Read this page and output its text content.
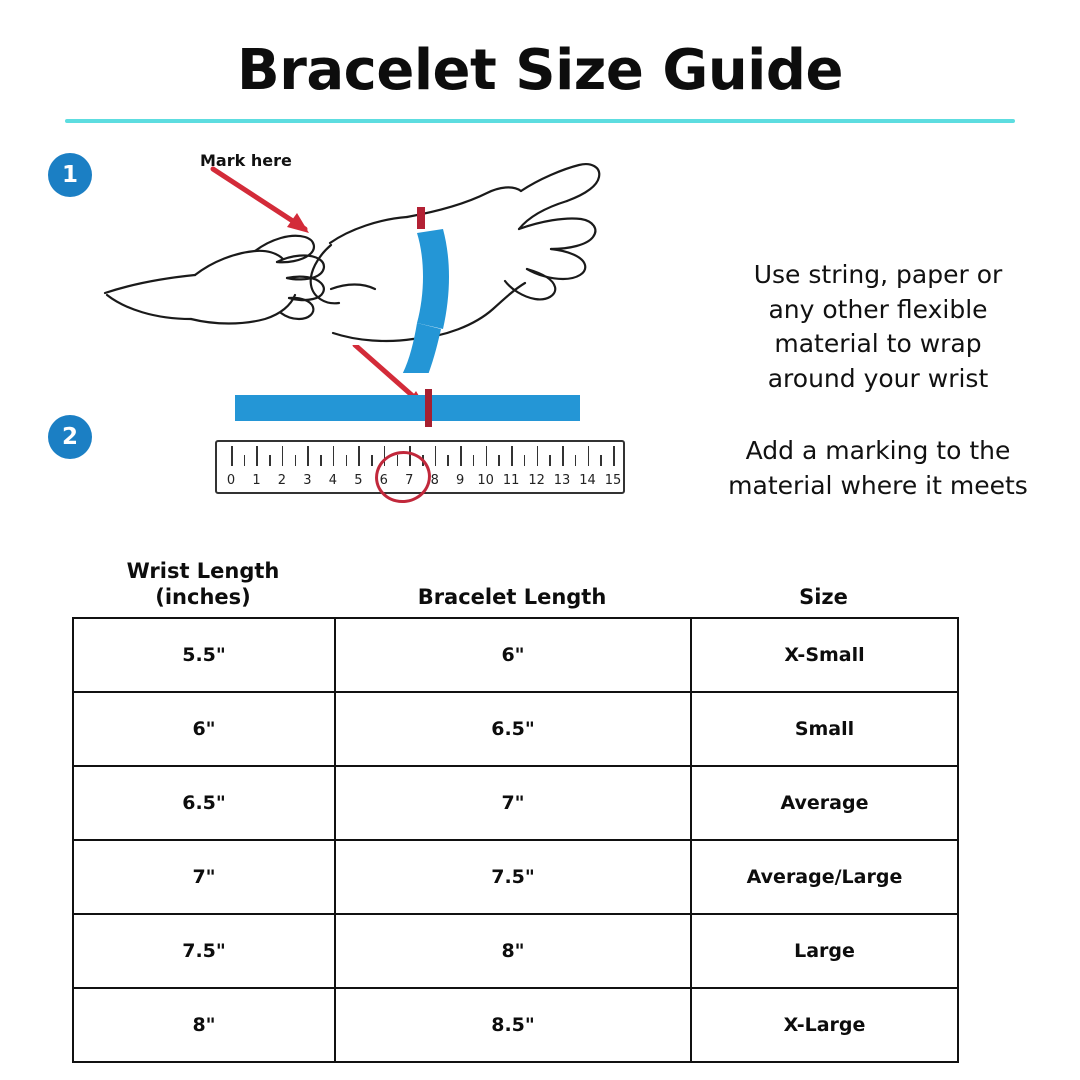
Bracelet Size Guide
1
2
Mark here
0 1 2 3 4 5 6 7 8 9 10 11 12 13 14 15

Use string, paper or any other flexible material to wrap around your wrist

Add a marking to the material where it meets

Wrist Length
(inches)	Bracelet Length	Size
5.5"	6"	X-Small
6"	6.5"	Small
6.5"	7"	Average
7"	7.5"	Average/Large
7.5"	8"	Large
8"	8.5"	X-Large
